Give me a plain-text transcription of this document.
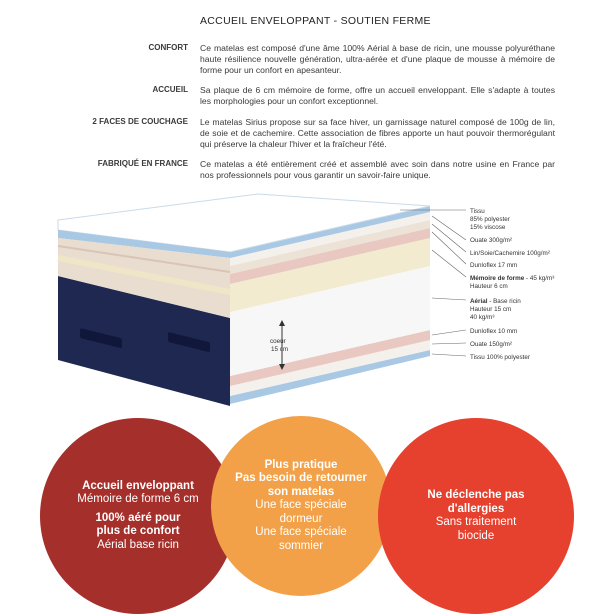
ACCUEIL ENVELOPPANT - SOUTIEN FERME
CONFORT Ce matelas est composé d'une âme 100% Aérial à base de ricin, une mousse polyuréthane haute résilience nouvelle génération, ultra-aérée et d'une plaque de mousse à mémoire de forme pour un confort en apesanteur.
ACCUEIL Sa plaque de 6 cm mémoire de forme, offre un accueil enveloppant. Elle s'adapte à toutes les morphologies pour un confort exceptionnel.
2 FACES DE COUCHAGE Le matelas Sirius propose sur sa face hiver, un garnissage naturel composé de 100g de lin, de soie et de cachemire. Cette association de fibres apporte un haut pouvoir thermorégulant qui préserve la chaleur l'hiver et la fraîcheur l'été.
FABRIQUÉ EN FRANCE Ce matelas a été entièrement créé et assemblé avec soin dans notre usine en France par nos professionnels pour vous garantir un savoir-faire unique.
coeur
15 cm
Tissu
85% polyester
15% viscose
Ouate 300g/m²
Lin/Soie/Cachemire 100g/m²
Dunloflex 17 mm
Mémoire de forme - 45 kg/m³
Hauteur 6 cm
Aérial - Base ricin
Hauteur 15 cm
40 kg/m³
Dunloflex 10 mm
Ouate 150g/m²
Tissu 100% polyester
Accueil enveloppant
Mémoire de forme 6 cm
100% aéré pour
plus de confort
Aérial base ricin
Plus pratique
Pas besoin de retourner
son matelas
Une face spéciale
dormeur
Une face spéciale
sommier
Ne déclenche pas
d'allergies
Sans traitement
biocide
